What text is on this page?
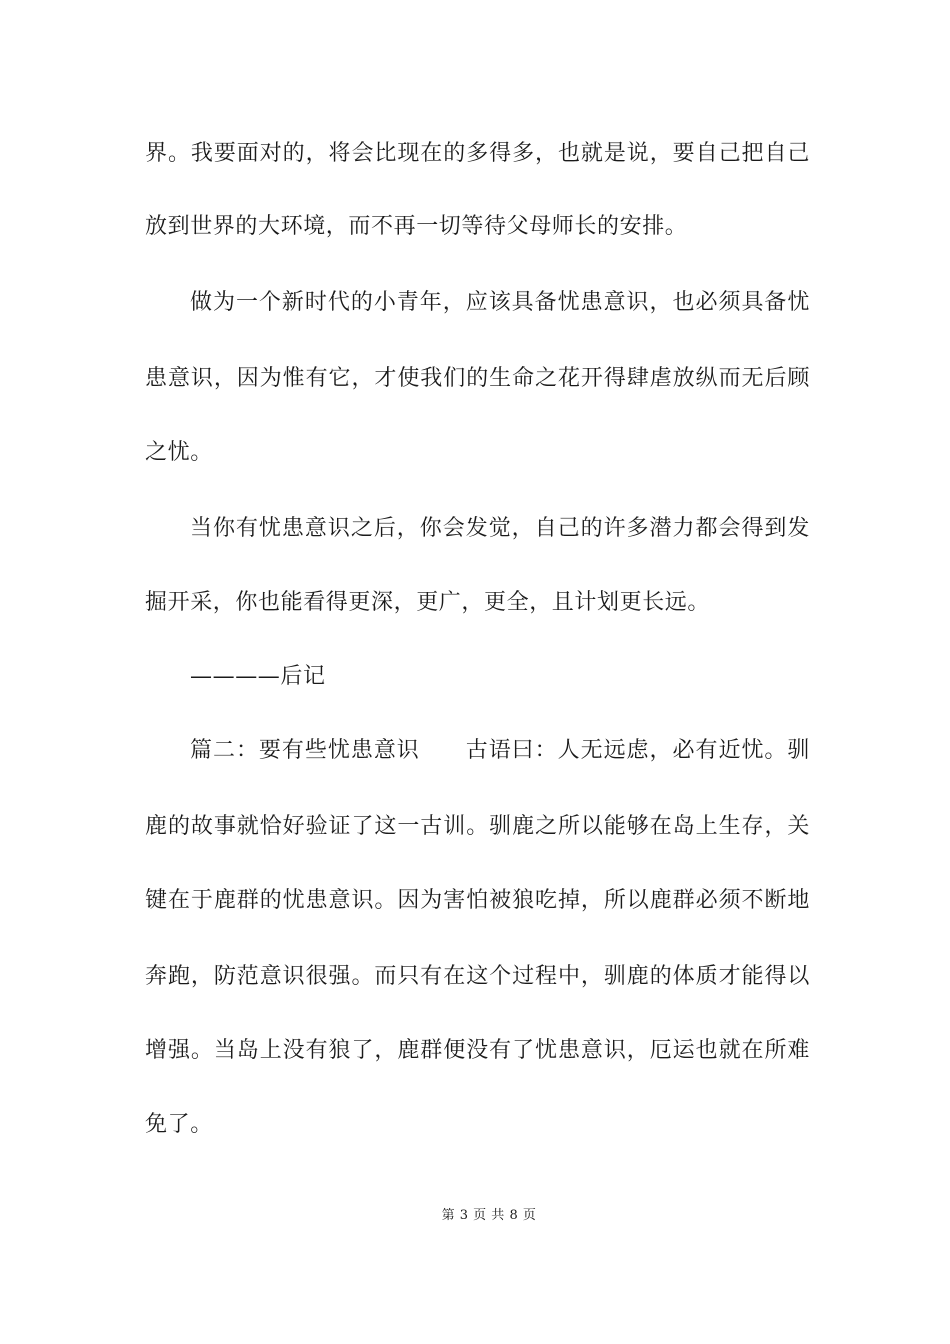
界。我要面对的，将会比现在的多得多，也就是说，要自己把自己
放到世界的大环境，而不再一切等待父母师长的安排。
做为一个新时代的小青年，应该具备忧患意识，也必须具备忧
患意识，因为惟有它，才使我们的生命之花开得肆虐放纵而无后顾
之忧。
当你有忧患意识之后，你会发觉，自己的许多潜力都会得到发
掘开采，你也能看得更深，更广，更全，且计划更长远。
————后记
篇二：要有些忧患意识　　古语曰：人无远虑，必有近忧。驯
鹿的故事就恰好验证了这一古训。驯鹿之所以能够在岛上生存，关
键在于鹿群的忧患意识。因为害怕被狼吃掉，所以鹿群必须不断地
奔跑，防范意识很强。而只有在这个过程中，驯鹿的体质才能得以
增强。当岛上没有狼了，鹿群便没有了忧患意识，厄运也就在所难
免了。
第 3 页 共 8 页
